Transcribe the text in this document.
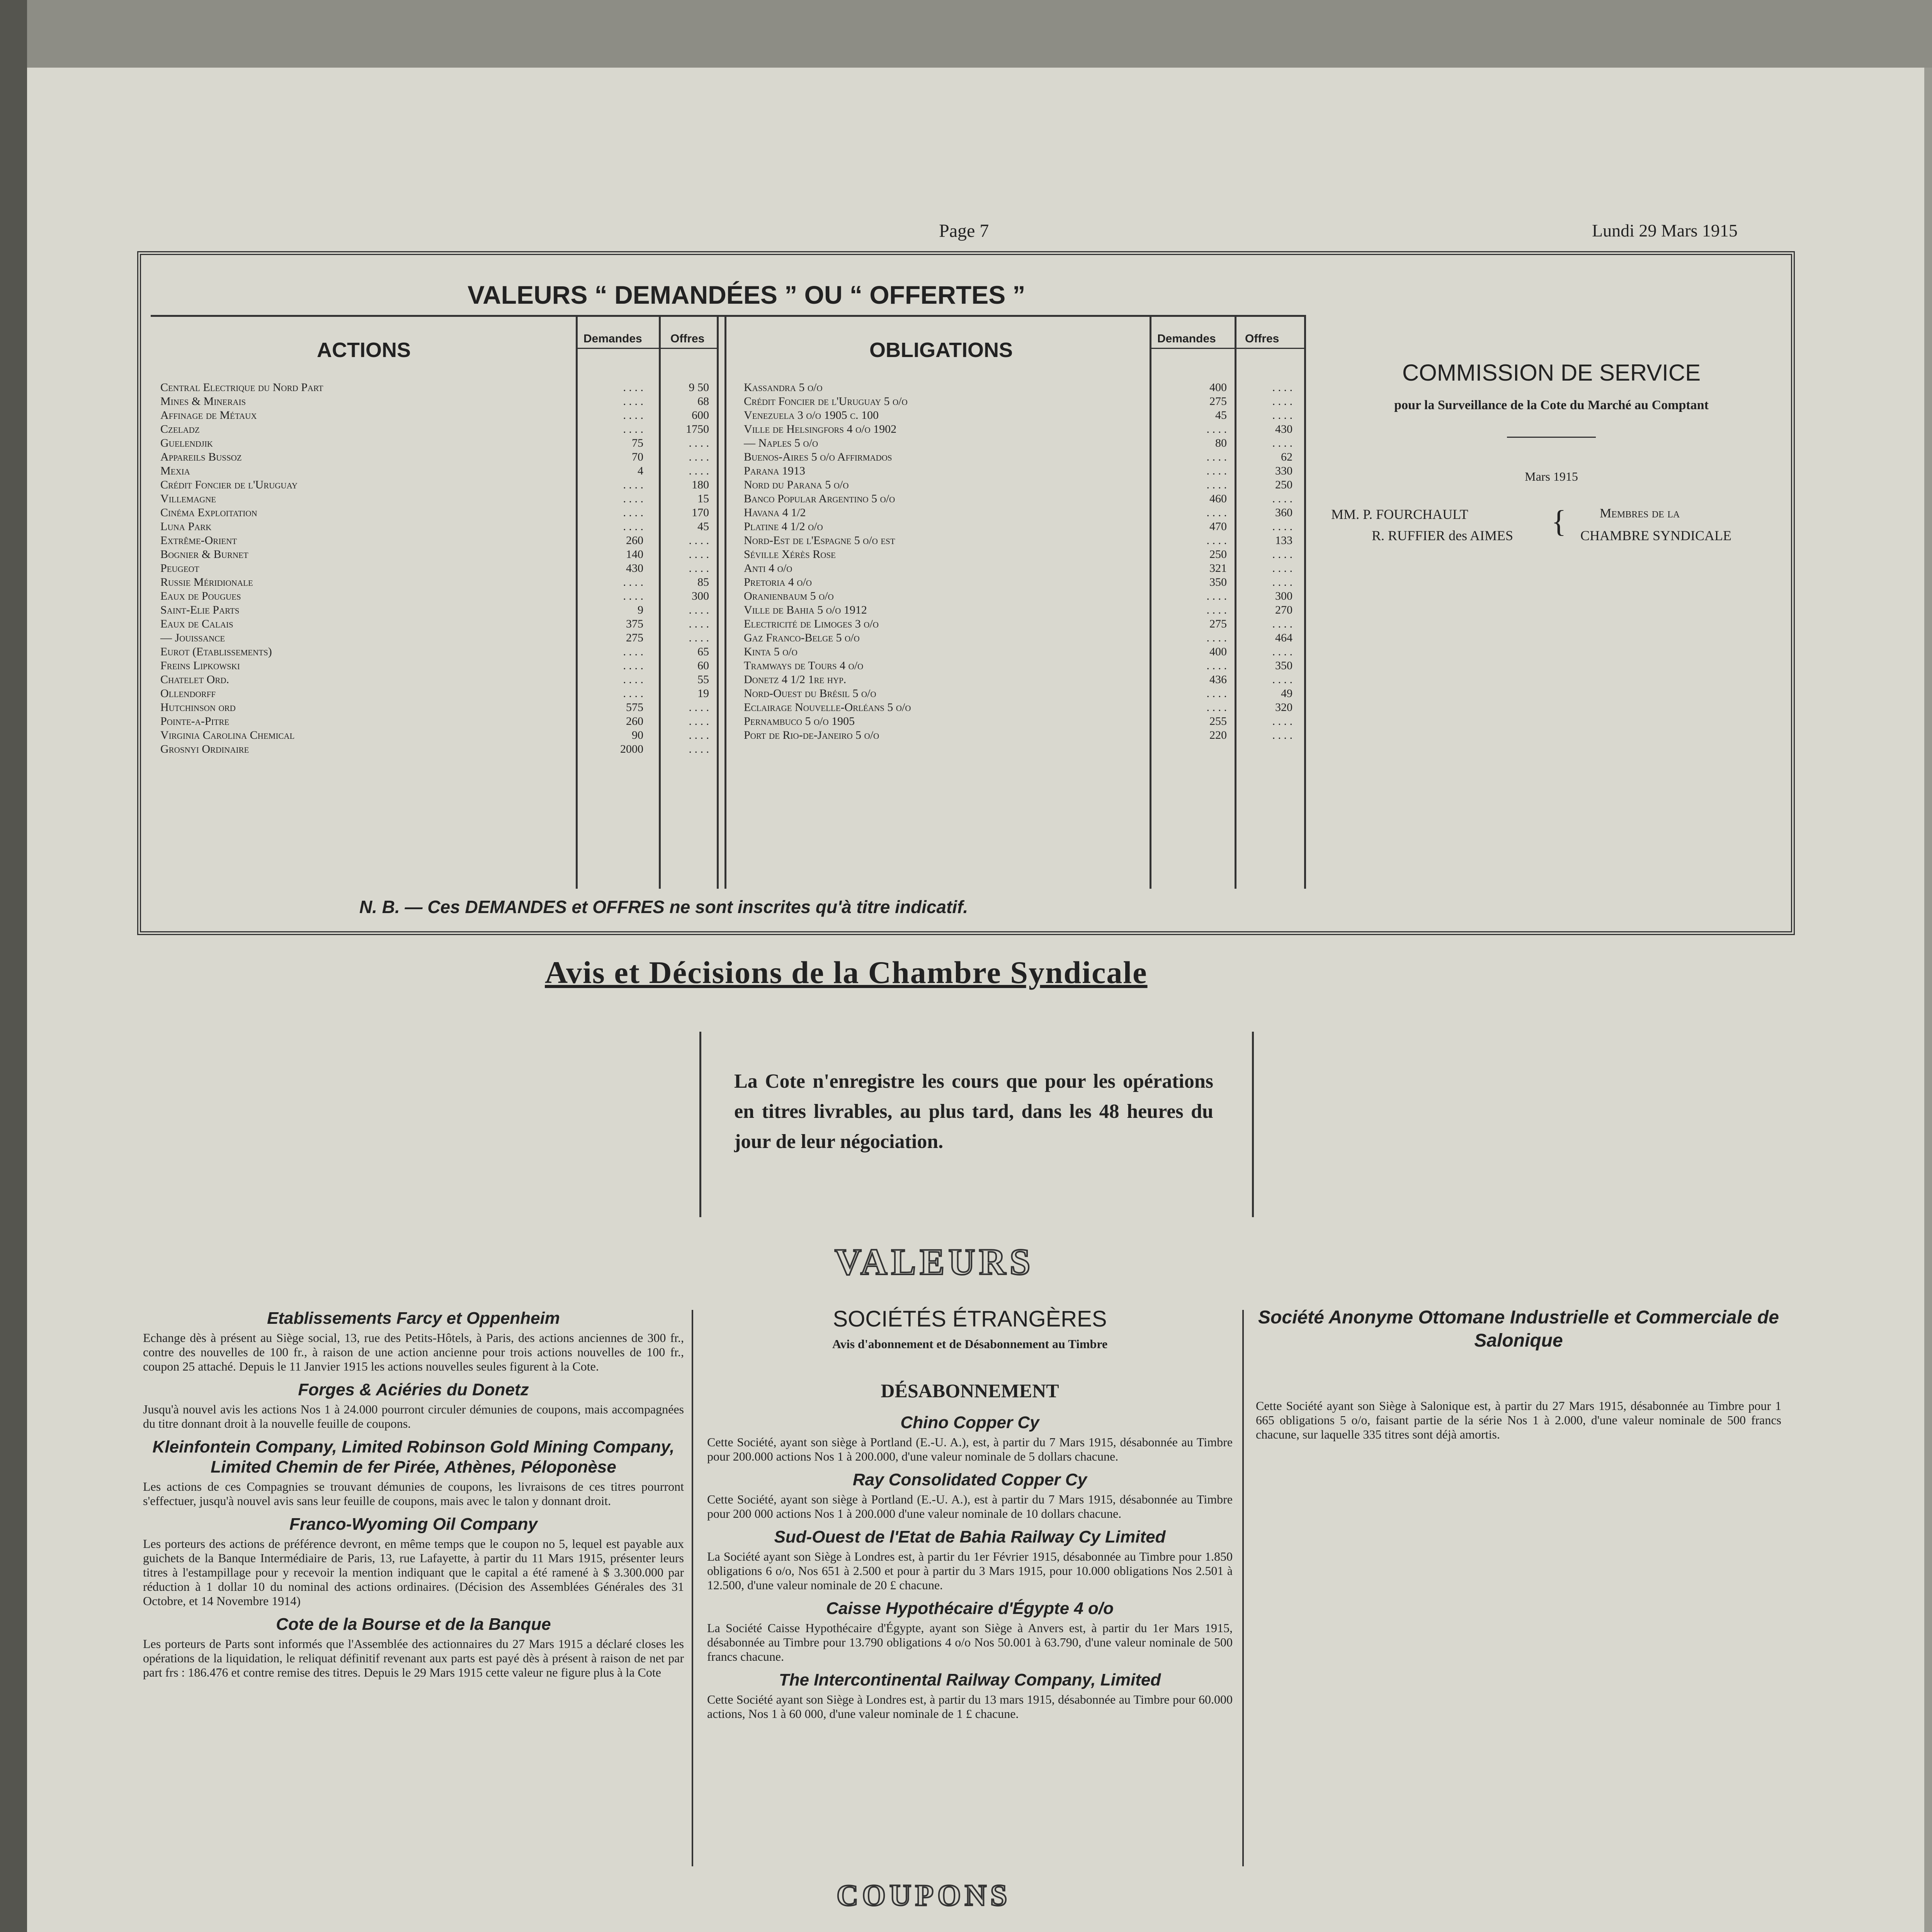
Page 7	Lundi 29 Mars 1915
VALEURS “ DEMANDÉES ” OU “ OFFERTES ”
ACTIONS	OBLIGATIONS
Demandes Offres	Demandes	Offres
Central Electrique du Nord Part	. . . .	9 50
Mines & Minerais	. . . .	68
Affinage de Métaux	. . . .	600
Czeladz	. . . .	1750
Guelendjik	75	. . . .
Appareils Bussoz	70	. . . .
Mexia	4	. . . .
Crédit Foncier de l'Uruguay	. . . .	180
Villemagne	. . . .	15
Cinéma Exploitation	. . . .	170
Luna Park	. . . .	45
Extrême-Orient	260	. . . .
Bognier & Burnet	140	. . . .
Peugeot	430	. . . .
Russie Méridionale	. . . .	85
Eaux de Pougues	. . . .	300
Saint-Elie Parts	9	. . . .
Eaux de Calais	375	. . . .
— Jouissance	275	. . . .
Eurot (Etablissements)	. . . .	65
Freins Lipkowski	. . . .	60
Chatelet Ord.	. . . .	55
Ollendorff	. . . .	19
Hutchinson ord	575	. . . .
Pointe-a-Pitre	260	. . . .
Virginia Carolina Chemical	90	. . . .
Grosnyi Ordinaire	2000	. . . .
Kassandra 5 o/o	400	. . . .
Crédit Foncier de l'Uruguay 5 o/o	275	. . . .
Venezuela 3 o/o 1905 c. 100	45	. . . .
Ville de Helsingfors 4 o/o 1902	. . . .	430
— Naples 5 o/o	80	. . . .
Buenos-Aires 5 o/o Affirmados	. . . .	62
Parana 1913	. . . .	330
Nord du Parana 5 o/o	. . . .	250
Banco Popular Argentino 5 o/o	460	. . . .
Havana 4 1/2	. . . .	360
Platine 4 1/2 o/o	470	. . . .
Nord-Est de l'Espagne 5 o/o est	. . . .	133
Séville Xérès Rose	250	. . . .
Anti 4 o/o	321	. . . .
Pretoria 4 o/o	350	. . . .
Oranienbaum 5 o/o	. . . .	300
Ville de Bahia 5 o/o 1912	. . . .	270
Electricité de Limoges 3 o/o	275	. . . .
Gaz Franco-Belge 5 o/o	. . . .	464
Kinta 5 o/o	400	. . . .
Tramways de Tours 4 o/o	. . . .	350
Donetz 4 1/2 1re hyp.	436	. . . .
Nord-Ouest du Brésil 5 o/o	. . . .	49
Eclairage Nouvelle-Orléans 5 o/o	. . . .	320
Pernambuco 5 o/o 1905	255	. . . .
Port de Rio-de-Janeiro 5 o/o	220	. . . .
N. B. — Ces DEMANDES et OFFRES ne sont inscrites qu'à titre indicatif.
COMMISSION DE SERVICE
pour la Surveillance de la Cote du Marché au Comptant
Mars 1915
MM. P. FOURCHAULT
R. RUFFIER des AIMES
Membres de la
CHAMBRE SYNDICALE
{
Avis et Décisions de la Chambre Syndicale
La Cote n'enregistre les cours que pour les opérations en titres livrables, au plus tard, dans les 48 heures du jour de leur négociation.
VALEURS
Etablissements Farcy et Oppenheim
Echange dès à présent au Siège social, 13, rue des Petits-Hôtels, à Paris, des actions anciennes de 300 fr., contre des nouvelles de 100 fr., à raison de une action ancienne pour trois actions nouvelles de 100 fr., coupon 25 attaché. Depuis le 11 Janvier 1915 les actions nouvelles seules figurent à la Cote.
Forges & Aciéries du Donetz
Jusqu'à nouvel avis les actions Nos 1 à 24.000 pourront circuler démunies de coupons, mais accompagnées du titre donnant droit à la nouvelle feuille de coupons.
Kleinfontein Company, Limited Robinson Gold Mining Company, Limited Chemin de fer Pirée, Athènes, Péloponèse
Les actions de ces Compagnies se trouvant démunies de coupons, les livraisons de ces titres pourront s'effectuer, jusqu'à nouvel avis sans leur feuille de coupons, mais avec le talon y donnant droit.
Franco-Wyoming Oil Company
Les porteurs des actions de préférence devront, en même temps que le coupon no 5, lequel est payable aux guichets de la Banque Intermédiaire de Paris, 13, rue Lafayette, à partir du 11 Mars 1915, présenter leurs titres à l'estampillage pour y recevoir la mention indiquant que le capital a été ramené à $ 3.300.000 par réduction à 1 dollar 10 du nominal des actions ordinaires. (Décision des Assemblées Générales des 31 Octobre, et 14 Novembre 1914)
Cote de la Bourse et de la Banque
Les porteurs de Parts sont informés que l'Assemblée des actionnaires du 27 Mars 1915 a déclaré closes les opérations de la liquidation, le reliquat définitif revenant aux parts est payé dès à présent à raison de net par part frs : 186.476 et contre remise des titres. Depuis le 29 Mars 1915 cette valeur ne figure plus à la Cote
SOCIÉTÉS ÉTRANGÈRES
Avis d'abonnement et de Désabonnement au Timbre
DÉSABONNEMENT
Chino Copper Cy
Cette Société, ayant son siège à Portland (E.-U. A.), est, à partir du 7 Mars 1915, désabonnée au Timbre pour 200.000 actions Nos 1 à 200.000, d'une valeur nominale de 5 dollars chacune.
Ray Consolidated Copper Cy
Cette Société, ayant son siège à Portland (E.-U. A.), est à partir du 7 Mars 1915, désabonnée au Timbre pour 200 000 actions Nos 1 à 200.000 d'une valeur nominale de 10 dollars chacune.
Sud-Ouest de l'Etat de Bahia Railway Cy Limited
La Société ayant son Siège à Londres est, à partir du 1er Février 1915, désabonnée au Timbre pour 1.850 obligations 6 o/o, Nos 651 à 2.500 et pour à partir du 3 Mars 1915, pour 10.000 obligations Nos 2.501 à 12.500, d'une valeur nominale de 20 £ chacune.
Caisse Hypothécaire d'Égypte 4 o/o
La Société Caisse Hypothécaire d'Égypte, ayant son Siège à Anvers est, à partir du 1er Mars 1915, désabonnée au Timbre pour 13.790 obligations 4 o/o Nos 50.001 à 63.790, d'une valeur nominale de 500 francs chacune.
The Intercontinental Railway Company, Limited
Cette Société ayant son Siège à Londres est, à partir du 13 mars 1915, désabonnée au Timbre pour 60.000 actions, Nos 1 à 60 000, d'une valeur nominale de 1 £ chacune.
Société Anonyme Ottomane Industrielle et Commerciale de Salonique
Cette Société ayant son Siège à Salonique est, à partir du 27 Mars 1915, désabonnée au Timbre pour 1 665 obligations 5 o/o, faisant partie de la série Nos 1 à 2.000, d'une valeur nominale de 500 francs chacune, sur laquelle 335 titres sont déjà amortis.
COUPONS
